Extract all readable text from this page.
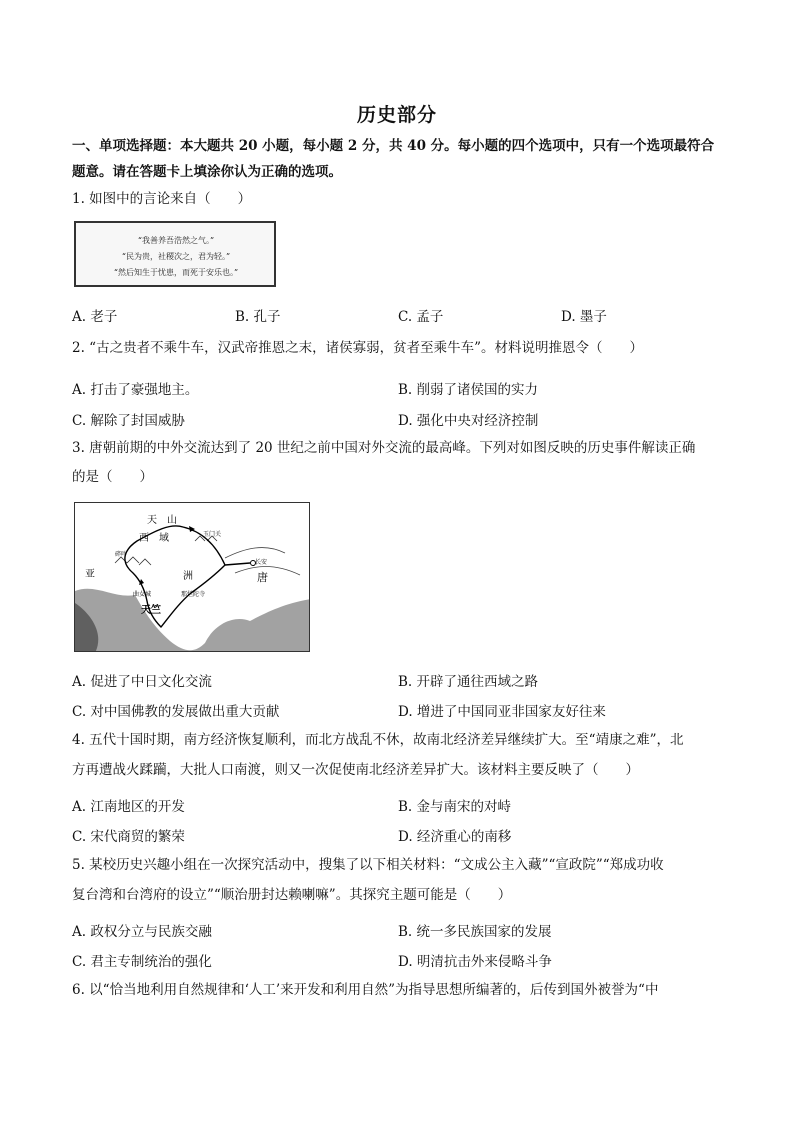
历史部分
一、单项选择题：本大题共 20 小题，每小题 2 分，共 40 分。每小题的四个选项中，只有一个选项最符合
题意。请在答题卡上填涂你认为正确的选项。
1. 如图中的言论来自（　　）
“我善养吾浩然之气。”
“民为贵，社稷次之，君为轻。”
“然后知生于忧患，而死于安乐也。”
A. 老子	B. 孔子	C. 孟子	D. 墨子
2. “古之贵者不乘牛车，汉武帝推恩之末，诸侯寡弱，贫者至乘牛车”。材料说明推恩令（　　）
A. 打击了豪强地主。	B. 削弱了诸侯国的实力
C. 解除了封国威胁	D. 强化中央对经济控制
3. 唐朝前期的中外交流达到了 20 世纪之前中国对外交流的最高峰。下列对如图反映的历史事件解读正确
的是（　　）
天　山
西　域	玉门关
碎叶
长安
唐
亚	洲
那烂陀寺
曲女城
天竺
A. 促进了中日文化交流	B. 开辟了通往西域之路
C. 对中国佛教的发展做出重大贡献	D. 增进了中国同亚非国家友好往来
4. 五代十国时期，南方经济恢复顺利，而北方战乱不休，故南北经济差异继续扩大。至“靖康之难”，北
方再遭战火蹂躏，大批人口南渡，则又一次促使南北经济差异扩大。该材料主要反映了（　　）
A. 江南地区的开发	B. 金与南宋的对峙
C. 宋代商贸的繁荣	D. 经济重心的南移
5. 某校历史兴趣小组在一次探究活动中，搜集了以下相关材料：“文成公主入藏”“宣政院”“郑成功收
复台湾和台湾府的设立”“顺治册封达赖喇嘛”。其探究主题可能是（　　）
A. 政权分立与民族交融	B. 统一多民族国家的发展
C. 君主专制统治的强化	D. 明清抗击外来侵略斗争
6. 以“恰当地利用自然规律和‘人工’来开发和利用自然”为指导思想所编著的，后传到国外被誉为“中
